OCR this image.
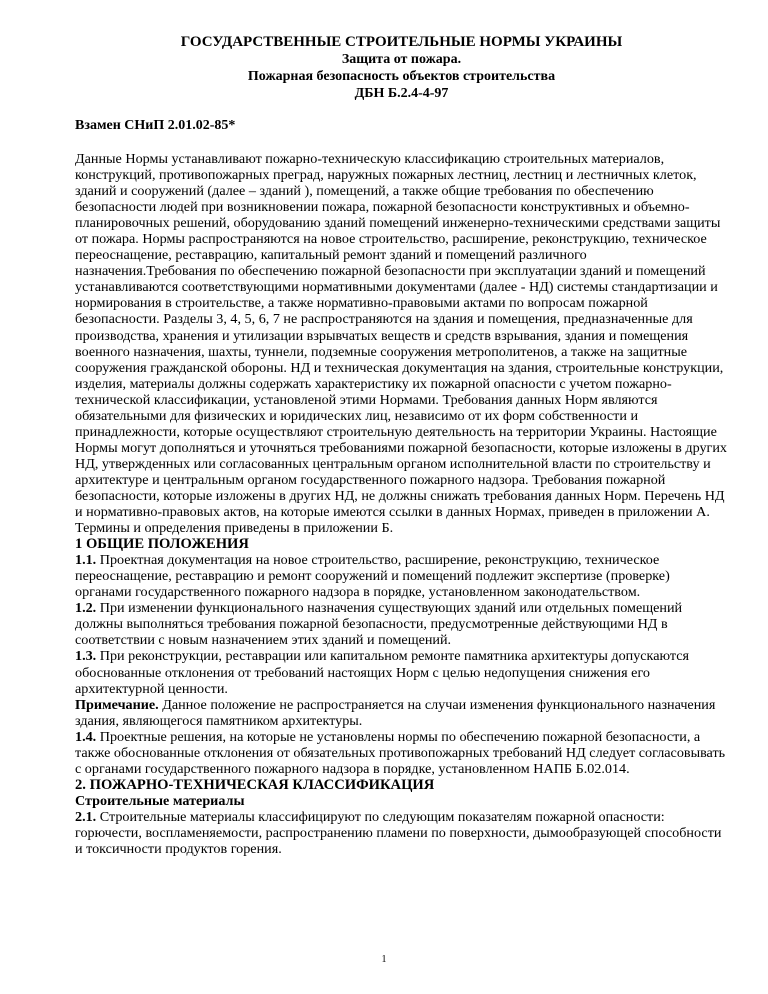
ГОСУДАРСТВЕННЫЕ СТРОИТЕЛЬНЫЕ НОРМЫ УКРАИНЫ
Защита от пожара.
Пожарная безопасность объектов строительства
ДБН Б.2.4-4-97
Взамен СНиП 2.01.02-85*

Данные Нормы устанавливают пожарно-техническую классификацию строительных материалов, конструкций, противопожарных преград, наружных пожарных лестниц, лестниц и лестничных клеток, зданий и сооружений (далее – зданий ), помещений, а также общие требования по обеспечению безопасности людей при возникновении пожара, пожарной безопасности конструктивных и объемно-планировочных решений, оборудованию зданий помещений инженерно-техническими средствами защиты от пожара. Нормы распространяются на новое строительство, расширение, реконструкцию, техническое переоснащение, реставрацию, капитальный ремонт зданий и помещений различного назначения.Требования по обеспечению пожарной безопасности при эксплуатации зданий и помещений устанавливаются соответствующими нормативными документами (далее - НД) системы стандартизации и нормирования в строительстве, а также нормативно-правовыми актами по вопросам пожарной безопасности. Разделы 3, 4, 5, 6, 7 не распространяются на здания и помещения, предназначенные для производства, хранения и утилизации взрывчатых веществ и средств взрывания, здания и помещения военного назначения, шахты, туннели, подземные сооружения метрополитенов, а также на защитные сооружения гражданской обороны. НД и техническая документация на здания, строительные конструкции, изделия, материалы должны содержать характеристику их пожарной опасности с учетом пожарно-технической классификации, установленой этими Нормами. Требования данных Норм являются обязательными для физических и юридических лиц, независимо от их форм собственности и принадлежности, которые осуществляют строительную деятельность на территории Украины. Настоящие Нормы могут дополняться и уточняться требованиями пожарной безопасности, которые изложены в других НД, утвержденных или согласованных центральным органом исполнительной власти по строительству и архитектуре и центральным органом государственного пожарного надзора. Требования пожарной безопасности, которые изложены в других НД, не должны снижать требования данных Норм. Перечень НД и нормативно-правовых актов, на которые имеются ссылки в данных Нормах, приведен в приложении А. Термины и определения приведены в приложении Б.

1 ОБЩИЕ ПОЛОЖЕНИЯ

1.1. Проектная документация на новое строительство, расширение, реконструкцию, техническое переоснащение, реставрацию и ремонт сооружений и помещений подлежит экспертизе (проверке) органами государственного пожарного надзора в порядке, установленном законодательством.

1.2. При изменении функционального назначения существующих зданий или отдельных помещений должны выполняться требования пожарной безопасности, предусмотренные действующими НД в соответствии с новым назначением этих зданий и помещений.

1.3. При реконструкции, реставрации или капитальном ремонте памятника архитектуры допускаются обоснованные отклонения от требований настоящих Норм с целью недопущения снижения его архитектурной ценности.

Примечание. Данное положение не распространяется на случаи изменения функционального назначения здания, являющегося памятником архитектуры.

1.4. Проектные решения, на которые не установлены нормы по обеспечению пожарной безопасности, а также обоснованные отклонения от обязательных противопожарных требований НД следует согласовывать с органами государственного пожарного надзора в порядке, установленном НАПБ Б.02.014.

2. ПОЖАРНО-ТЕХНИЧЕСКАЯ КЛАССИФИКАЦИЯ
Строительные материалы

2.1. Строительные материалы классифицируют по следующим показателям пожарной опасности: горючести, воспламеняемости, распространению пламени по поверхности, дымообразующей способности и токсичности продуктов горения.

1
